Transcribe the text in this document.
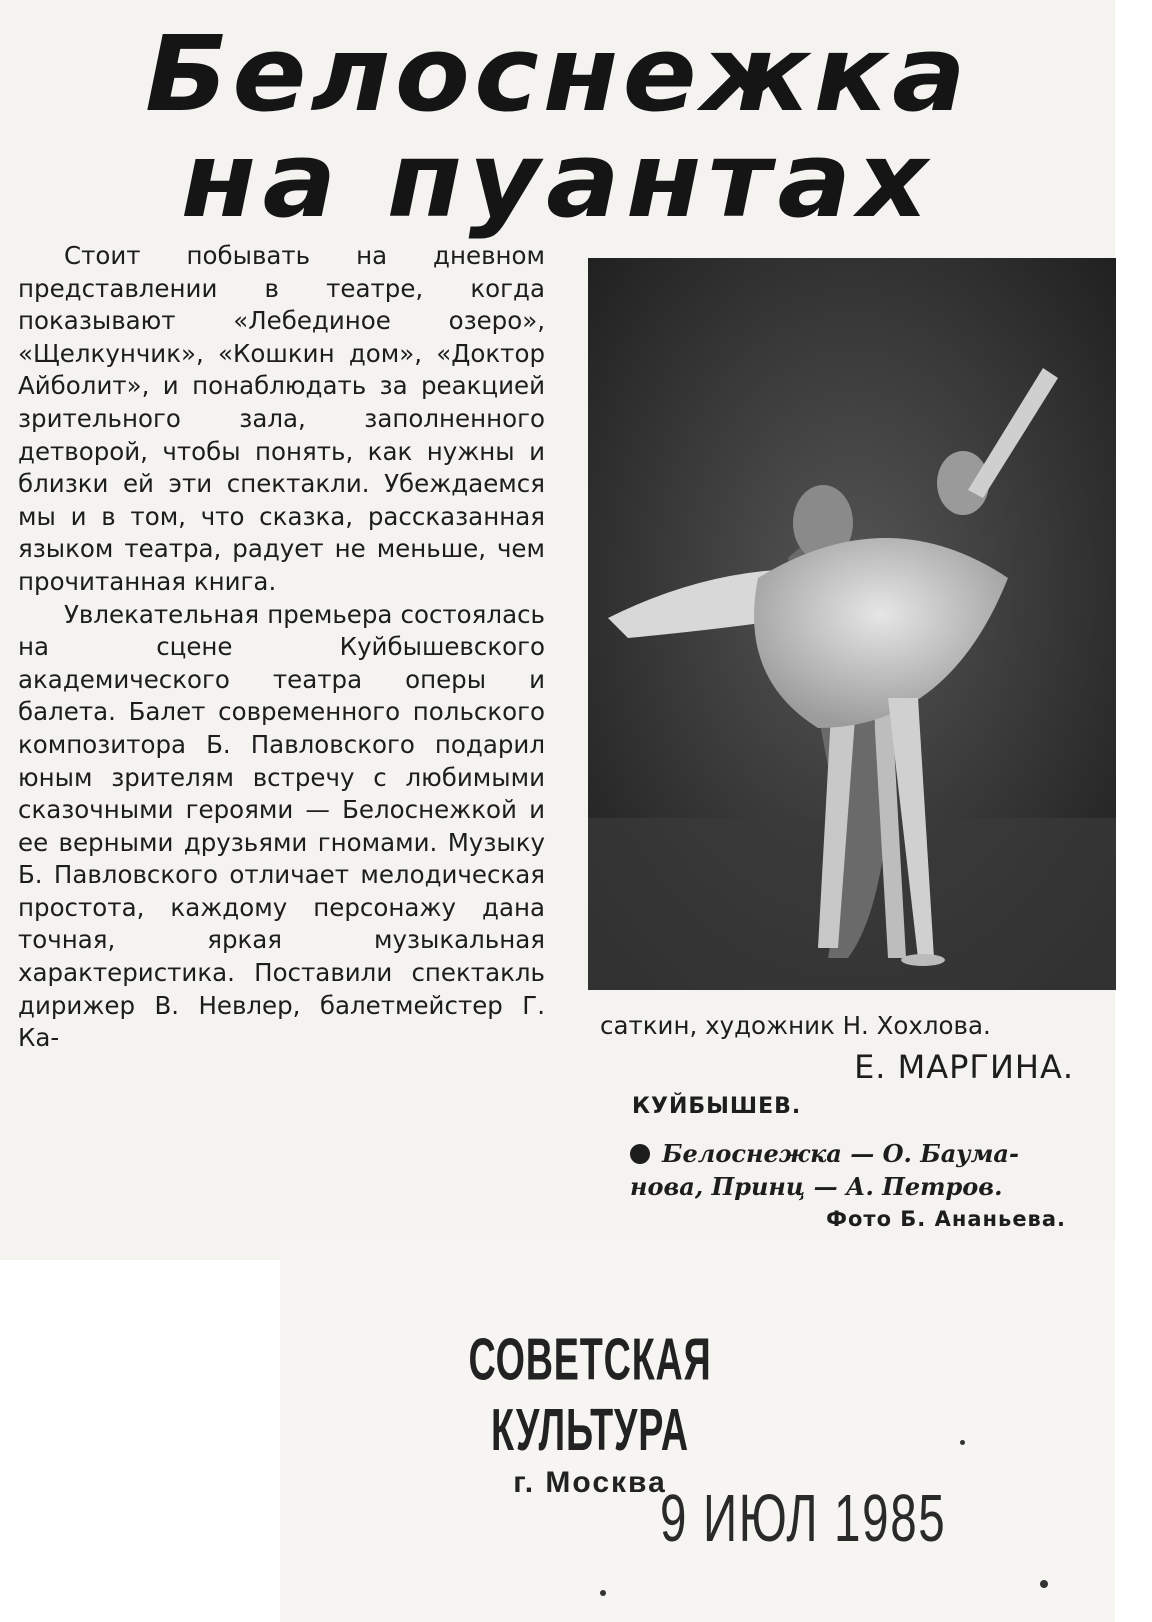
Белоснежка
на пуантах

Стоит побывать на дневном представлении в театре, когда показывают «Лебединое озеро», «Щелкунчик», «Кошкин дом», «Доктор Айболит», и понаблюдать за реакцией зрительного зала, заполненного детворой, чтобы понять, как нужны и близки ей эти спектакли. Убеждаемся мы и в том, что сказка, рассказанная языком театра, радует не меньше, чем прочитанная книга.

Увлекательная премьера состоялась на сцене Куйбышевского академического театра оперы и балета. Балет современного польского композитора Б. Павловского подарил юным зрителям встречу с любимыми сказочными героями — Белоснежкой и ее верными друзьями гномами. Музыку Б. Павловского отличает мелодическая простота, каждому персонажу дана точная, яркая музыкальная характеристика. Поставили спектакль дирижер В. Невлер, балетмейстер Г. Ка-	саткин, художник Н. Хохлова.
Е. МАРГИНА.
КУЙБЫШЕВ.
Белоснежка — О. Баума-
нова, Принц — А. Петров.
Фото Б. Ананьева.
СОВЕТСКАЯ КУЛЬТУРА
г. Москва
9 ИЮЛ 1985
